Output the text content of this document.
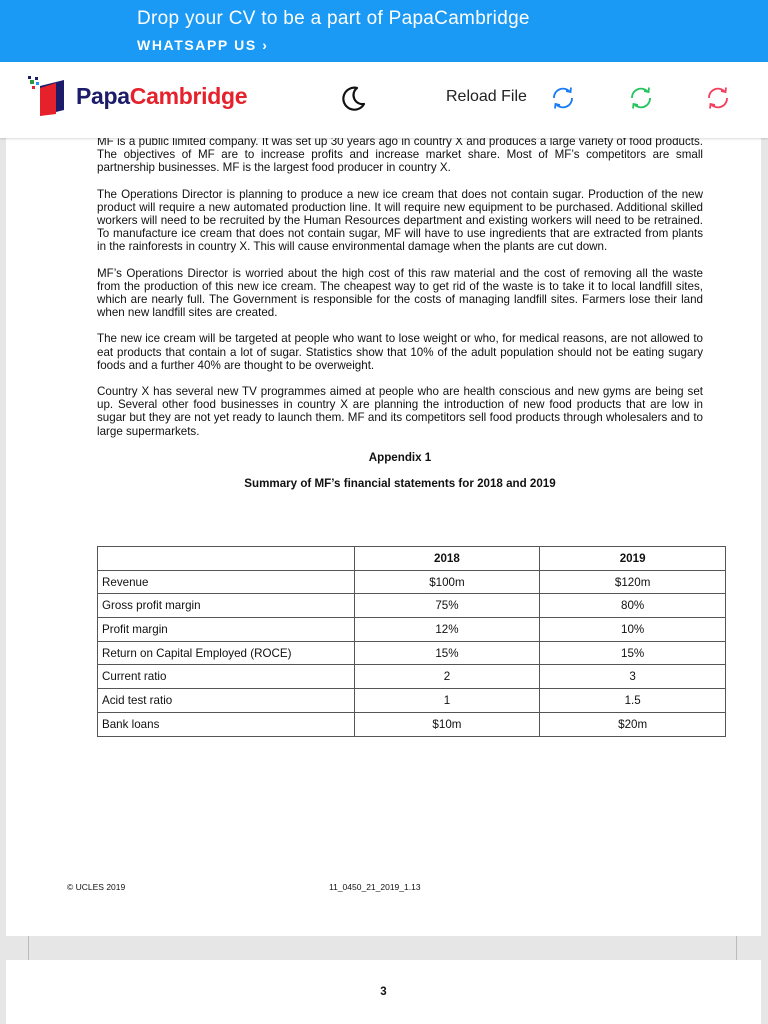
Drop your CV to be a part of PapaCambridge
WHATSAPP US ›
PapaCambridge	Reload File

MF is a public limited company. It was set up 30 years ago in country X and produces a large variety of food products. The objectives of MF are to increase profits and increase market share. Most of MF’s competitors are small partnership businesses. MF is the largest food producer in country X.

The Operations Director is planning to produce a new ice cream that does not contain sugar. Production of the new product will require a new automated production line. It will require new equipment to be purchased. Additional skilled workers will need to be recruited by the Human Resources department and existing workers will need to be retrained. To manufacture ice cream that does not contain sugar, MF will have to use ingredients that are extracted from plants in the rainforests in country X. This will cause environmental damage when the plants are cut down.

MF’s Operations Director is worried about the high cost of this raw material and the cost of removing all the waste from the production of this new ice cream. The cheapest way to get rid of the waste is to take it to local landfill sites, which are nearly full. The Government is responsible for the costs of managing landfill sites. Farmers lose their land when new landfill sites are created.

The new ice cream will be targeted at people who want to lose weight or who, for medical reasons, are not allowed to eat products that contain a lot of sugar. Statistics show that 10% of the adult population should not be eating sugary foods and a further 40% are thought to be overweight.

Country X has several new TV programmes aimed at people who are health conscious and new gyms are being set up. Several other food businesses in country X are planning the introduction of new food products that are low in sugar but they are not yet ready to launch them. MF and its competitors sell food products through wholesalers and to large supermarkets.

Appendix 1
Summary of MF’s financial statements for 2018 and 2019
	2018	2019
Revenue	$100m	$120m
Gross profit margin	75%	80%
Profit margin	12%	10%
Return on Capital Employed (ROCE)	15%	15%
Current ratio	2	3
Acid test ratio	1	1.5
Bank loans	$10m	$20m
© UCLES 2019	11_0450_21_2019_1.13
3
